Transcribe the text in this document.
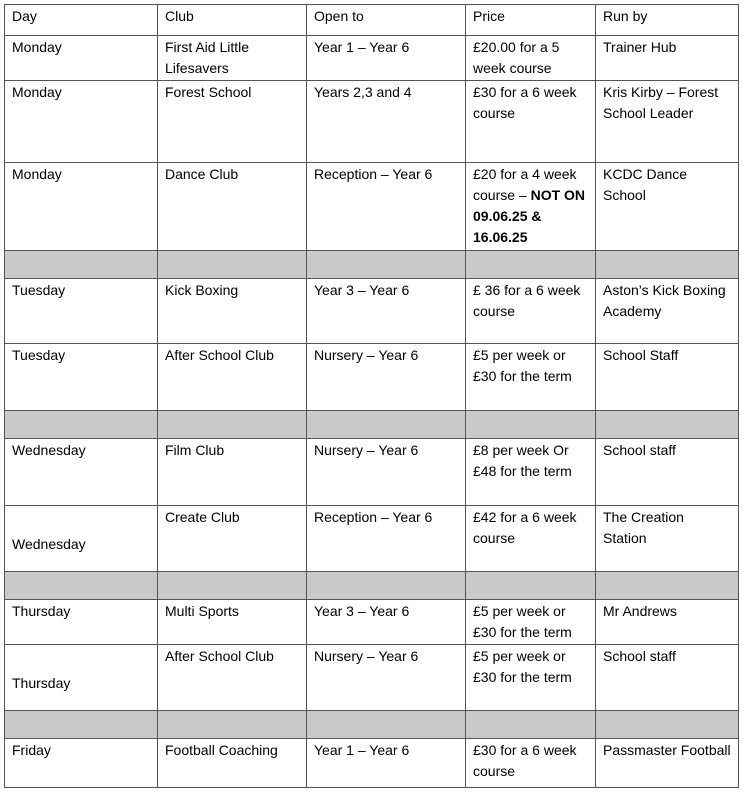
Day	Club	Open to	Price	Run by
Monday	First Aid Little Lifesavers	Year 1 – Year 6	£20.00 for a 5 week course	Trainer Hub
Monday	Forest School	Years 2,3 and 4	£30 for a 6 week course	Kris Kirby – Forest School Leader
Monday	Dance Club	Reception – Year 6	£20 for a 4 week course – NOT ON 09.06.25 & 16.06.25	KCDC Dance School

Tuesday	Kick Boxing	Year 3 – Year 6	£ 36 for a 6 week course	Aston’s Kick Boxing Academy
Tuesday	After School Club	Nursery – Year 6	£5 per week or £30 for the term	School Staff

Wednesday	Film Club	Nursery – Year 6	£8 per week Or £48 for the term	School staff
Wednesday	Create Club	Reception – Year 6	£42 for a 6 week course	The Creation Station

Thursday	Multi Sports	Year 3 – Year 6	£5 per week or £30 for the term	Mr Andrews
Thursday	After School Club	Nursery – Year 6	£5 per week or £30 for the term	School staff

Friday	Football Coaching	Year 1 – Year 6	£30 for a 6 week course	Passmaster Football
